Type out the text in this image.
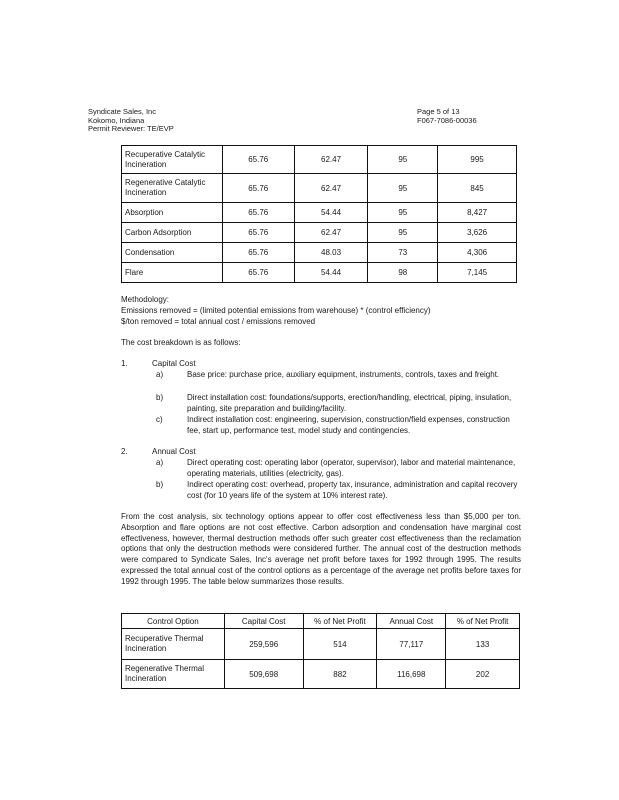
Syndicate Sales, Inc
Kokomo, Indiana
Permit Reviewer: TE/EVP
Page 5 of 13
F067-7086-00036
Recuperative Catalytic Incineration	65.76	62.47	95	995
Regenerative Catalytic Incineration	65.76	62.47	95	845
Absorption	65.76	54.44	95	8,427
Carbon Adsorption	65.76	62.47	95	3,626
Condensation	65.76	48.03	73	4,306
Flare	65.76	54.44	98	7,145
Methodology:
Emissions removed = (limited potential emissions from warehouse) * (control efficiency)
$/ton removed = total annual cost / emissions removed
The cost breakdown is as follows:
1.	Capital Cost
a)	Base price: purchase price, auxiliary equipment, instruments, controls, taxes and freight.
b)	Direct installation cost: foundations/supports, erection/handling, electrical, piping, insulation, painting, site preparation and building/facility.
c)	Indirect installation cost: engineering, supervision, construction/field expenses, construction fee, start up, performance test, model study and contingencies.
2.	Annual Cost
a)	Direct operating cost: operating labor (operator, supervisor), labor and material maintenance, operating materials, utilities (electricity, gas).
b)	Indirect operating cost: overhead, property tax, insurance, administration and capital recovery cost (for 10 years life of the system at 10% interest rate).
From the cost analysis, six technology options appear to offer cost effectiveness less than $5,000 per ton. Absorption and flare options are not cost effective. Carbon adsorption and condensation have marginal cost effectiveness, however, thermal destruction methods offer such greater cost effectiveness than the reclamation options that only the destruction methods were considered further. The annual cost of the destruction methods were compared to Syndicate Sales, Inc's average net profit before taxes for 1992 through 1995. The results expressed the total annual cost of the control options as a percentage of the average net profits before taxes for 1992 through 1995. The table below summarizes those results.
Control Option	Capital Cost	% of Net Profit	Annual Cost	% of Net Profit
Recuperative Thermal Incineration	259,596	514	77,117	133
Regenerative Thermal Incineration	509,698	882	116,698	202
